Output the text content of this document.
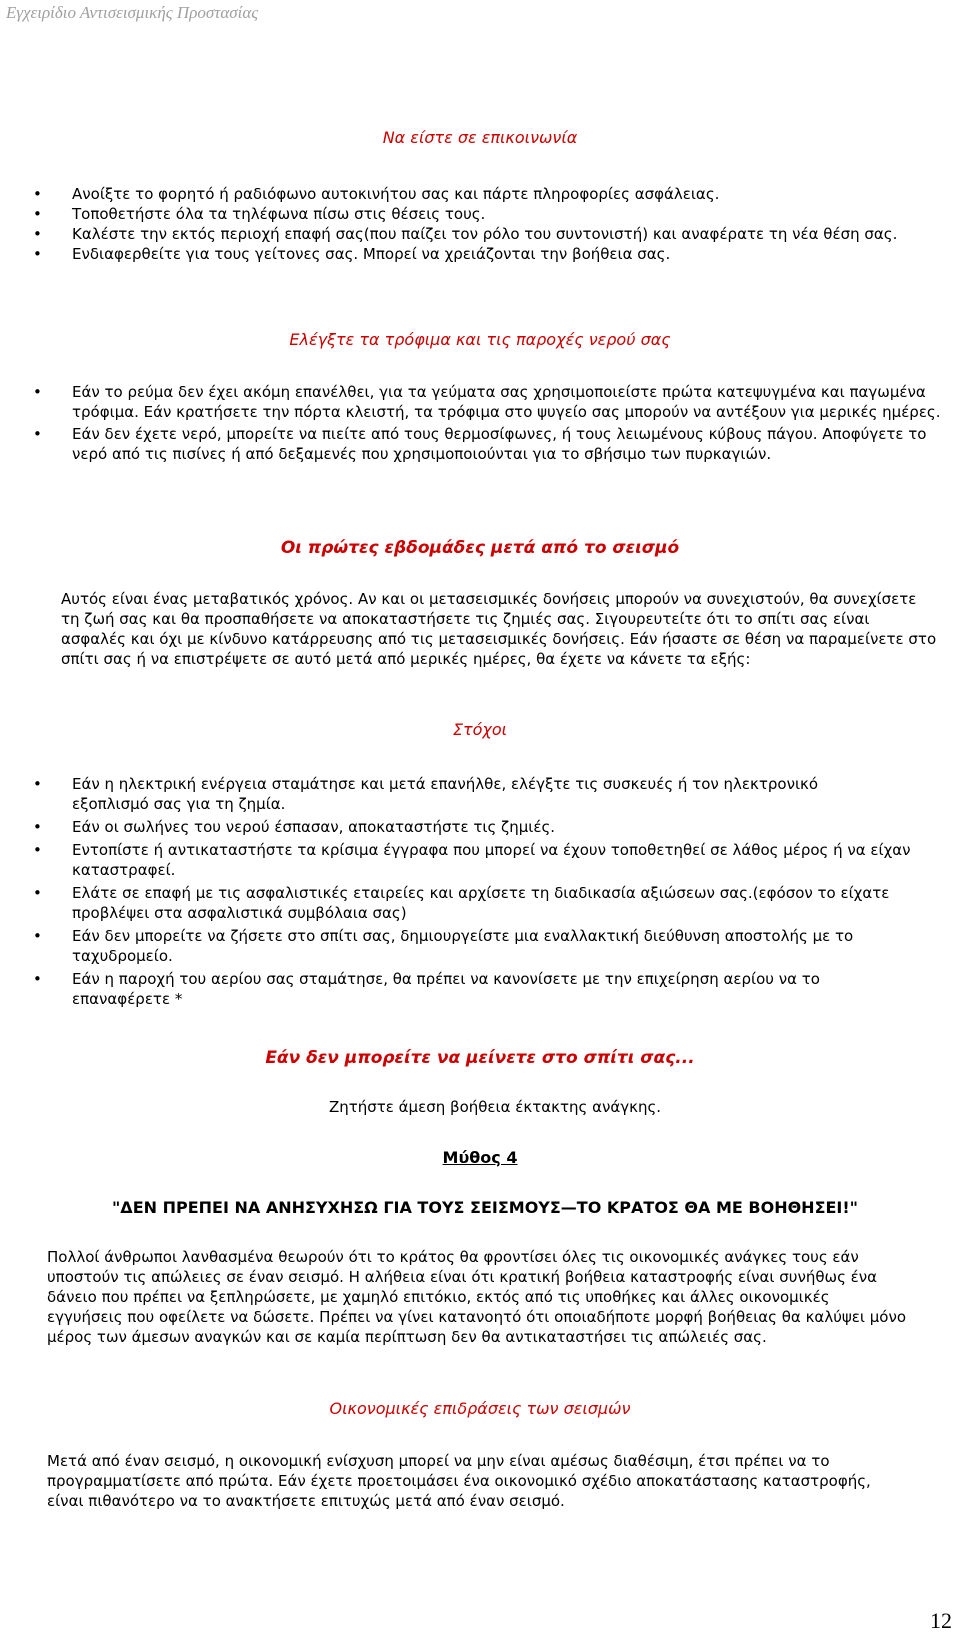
Εγχειρίδιο Αντισεισμικής Προστασίας
Να είστε σε επικοινωνία
• Ανοίξτε το φορητό ή ραδιόφωνο αυτοκινήτου σας και πάρτε πληροφορίες ασφάλειας.
• Τοποθετήστε όλα τα τηλέφωνα πίσω στις θέσεις τους.
• Καλέστε την εκτός περιοχή επαφή σας(που παίζει τον ρόλο του συντονιστή) και αναφέρατε τη νέα θέση σας.
• Ενδιαφερθείτε για τους γείτονες σας. Μπορεί να χρειάζονται την βοήθεια σας.
Ελέγξτε τα τρόφιμα και τις παροχές νερού σας
• Εάν το ρεύμα δεν έχει ακόμη επανέλθει, για τα γεύματα σας χρησιμοποιείστε πρώτα κατεψυγμένα και παγωμένα τρόφιμα. Εάν κρατήσετε την πόρτα κλειστή, τα τρόφιμα στο ψυγείο σας μπορούν να αντέξουν για μερικές ημέρες.
• Εάν δεν έχετε νερό, μπορείτε να πιείτε από τους θερμοσίφωνες, ή τους λειωμένους κύβους πάγου. Αποφύγετε το νερό από τις πισίνες ή από δεξαμενές που χρησιμοποιούνται για το σβήσιμο των πυρκαγιών.
Οι πρώτες εβδομάδες μετά από το σεισμό
Αυτός είναι ένας μεταβατικός χρόνος. Αν και οι μετασεισμικές δονήσεις μπορούν να συνεχιστούν, θα συνεχίσετε τη ζωή σας και θα προσπαθήσετε να αποκαταστήσετε τις ζημιές σας. Σιγουρευτείτε ότι το σπίτι σας είναι ασφαλές και όχι με κίνδυνο κατάρρευσης από τις μετασεισμικές δονήσεις. Εάν ήσαστε σε θέση να παραμείνετε στο σπίτι σας ή να επιστρέψετε σε αυτό μετά από μερικές ημέρες, θα έχετε να κάνετε τα εξής:
Στόχοι
• Εάν η ηλεκτρική ενέργεια σταμάτησε και μετά επανήλθε, ελέγξτε τις συσκευές ή τον ηλεκτρονικό εξοπλισμό σας για τη ζημία.
• Εάν οι σωλήνες του νερού έσπασαν, αποκαταστήστε τις ζημιές.
• Εντοπίστε ή αντικαταστήστε τα κρίσιμα έγγραφα που μπορεί να έχουν τοποθετηθεί σε λάθος μέρος ή να είχαν καταστραφεί.
• Ελάτε σε επαφή με τις ασφαλιστικές εταιρείες και αρχίσετε τη διαδικασία αξιώσεων σας.(εφόσον το είχατε προβλέψει στα ασφαλιστικά συμβόλαια σας)
• Εάν δεν μπορείτε να ζήσετε στο σπίτι σας, δημιουργείστε μια εναλλακτική διεύθυνση αποστολής με το ταχυδρομείο.
• Εάν η παροχή του αερίου σας σταμάτησε, θα πρέπει να κανονίσετε με την επιχείρηση αερίου να το επαναφέρετε *
Εάν δεν μπορείτε να μείνετε στο σπίτι σας...
Ζητήστε άμεση βοήθεια έκτακτης ανάγκης.
Μύθος 4
"ΔΕΝ ΠΡΕΠΕΙ ΝΑ ΑΝΗΣΥΧΗΣΩ ΓΙΑ ΤΟΥΣ ΣΕΙΣΜΟΥΣ—ΤΟ ΚΡΑΤΟΣ ΘΑ ΜΕ ΒΟΗΘΗΣΕΙ!"
Πολλοί άνθρωποι λανθασμένα θεωρούν ότι το κράτος θα φροντίσει όλες τις οικονομικές ανάγκες τους εάν υποστούν τις απώλειες σε έναν σεισμό. Η αλήθεια είναι ότι κρατική βοήθεια καταστροφής είναι συνήθως ένα δάνειο που πρέπει να ξεπληρώσετε, με χαμηλό επιτόκιο, εκτός από τις υποθήκες και άλλες οικονομικές εγγυήσεις που οφείλετε να δώσετε. Πρέπει να γίνει κατανοητό ότι οποιαδήποτε μορφή βοήθειας θα καλύψει μόνο μέρος των άμεσων αναγκών και σε καμία περίπτωση δεν θα αντικαταστήσει τις απώλειές σας.
Οικονομικές επιδράσεις των σεισμών
Μετά από έναν σεισμό, η οικονομική ενίσχυση μπορεί να μην είναι αμέσως διαθέσιμη, έτσι πρέπει να το προγραμματίσετε από πρώτα. Εάν έχετε προετοιμάσει ένα οικονομικό σχέδιο αποκατάστασης καταστροφής, είναι πιθανότερο να το ανακτήσετε επιτυχώς μετά από έναν σεισμό.
12
